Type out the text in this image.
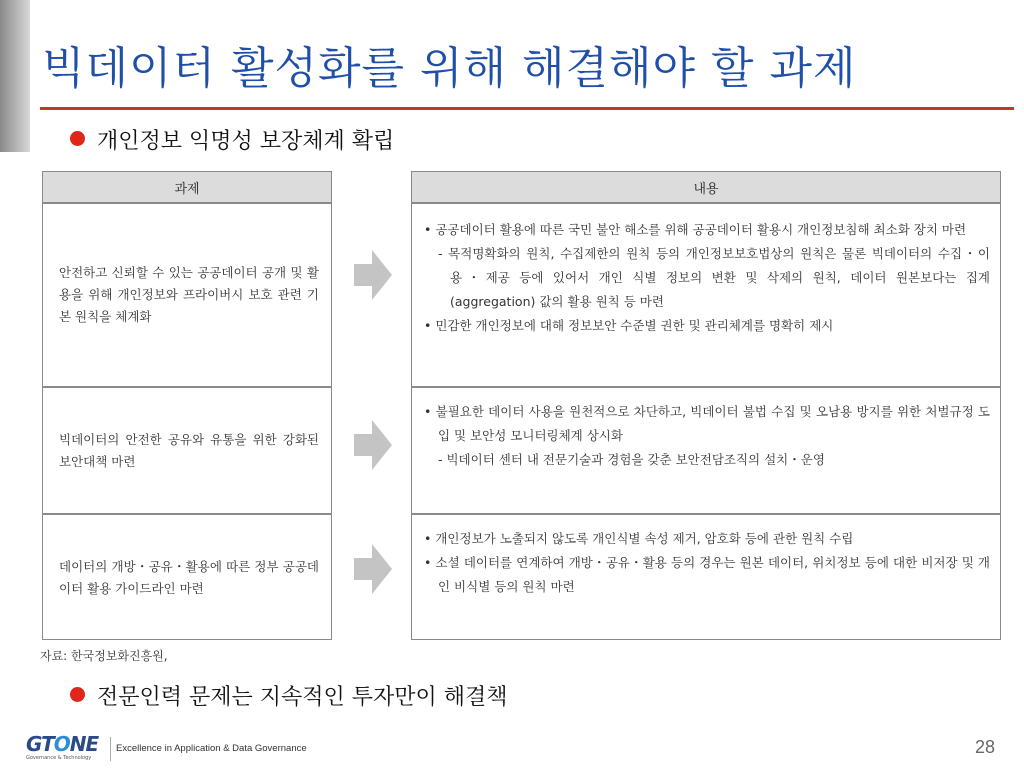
빅데이터 활성화를 위해 해결해야 할 과제
개인정보 익명성 보장체계 확립
과제
안전하고 신뢰할 수 있는 공공데이터 공개 및 활용을 위해 개인정보와 프라이버시 보호 관련 기본 원칙을 체계화
빅데이터의 안전한 공유와 유통을 위한 강화된 보안대책 마련
데이터의 개방・공유・활용에 따른 정부 공공데이터 활용 가이드라인 마련
내용

• 공공데이터 활용에 따른 국민 불안 해소를 위해 공공데이터 활용시 개인정보침해 최소화 장치 마련

- 목적명확화의 원칙, 수집제한의 원칙 등의 개인정보보호법상의 원칙은 물론 빅데이터의 수집・이용・제공 등에 있어서 개인 식별 정보의 변환 및 삭제의 원칙, 데이터 원본보다는 집계(aggregation) 값의 활용 원칙 등 마련

• 민감한 개인정보에 대해 정보보안 수준별 권한 및 관리체계를 명확히 제시

• 불필요한 데이터 사용을 원천적으로 차단하고, 빅데이터 불법 수집 및 오남용 방지를 위한 처벌규정 도입 및 보안성 모니터링체계 상시화

- 빅데이터 센터 내 전문기술과 경험을 갖춘 보안전담조직의 설치・운영

• 개인정보가 노출되지 않도록 개인식별 속성 제거, 암호화 등에 관한 원칙 수립

• 소셜 데이터를 연계하여 개방・공유・활용 등의 경우는 원본 데이터, 위치정보 등에 대한 비저장 및 개인 비식별 등의 원칙 마련

자료: 한국정보화진흥원,
전문인력 문제는 지속적인 투자만이 해결책
GTONE
Governance & Technology
Excellence in Application & Data Governance	28
